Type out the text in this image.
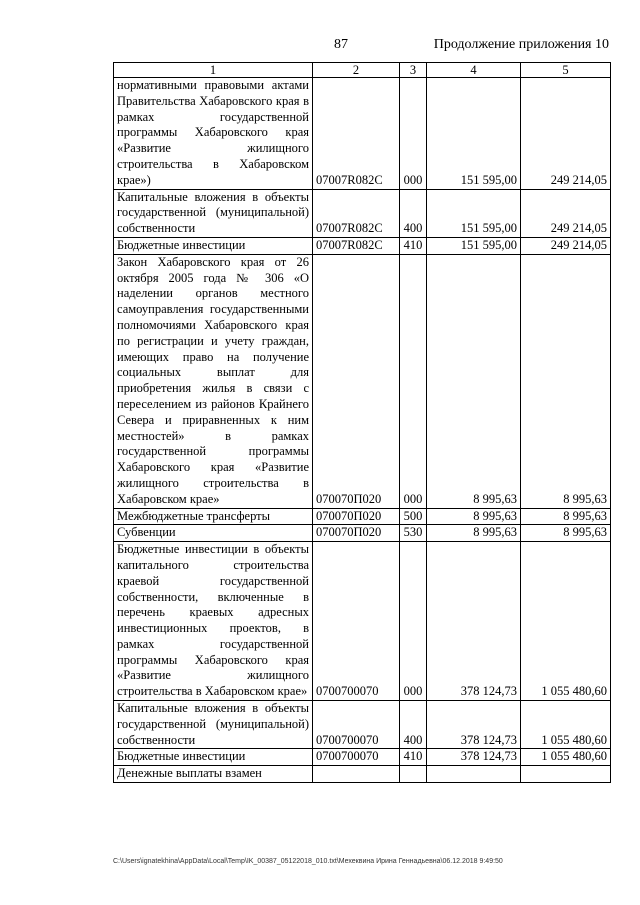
87	Продолжение приложения 10
1	2	3	4	5
нормативными правовыми актами Правительства Хабаровского края в рамках государственной программы Хабаровского края «Развитие жилищного строительства в Хабаровском крае»)	07007R082C	000	151 595,00	249 214,05
Капитальные вложения в объекты государственной (муниципальной) собственности	07007R082C	400	151 595,00	249 214,05
Бюджетные инвестиции	07007R082C	410	151 595,00	249 214,05
Закон Хабаровского края от 26 октября 2005 года № 306 «О наделении органов местного самоуправления государственными полномочиями Хабаровского края по регистрации и учету граждан, имеющих право на получение социальных выплат для приобретения жилья в связи с переселением из районов Крайнего Севера и приравненных к ним местностей» в рамках государственной программы Хабаровского края «Развитие жилищного строительства в Хабаровском крае»	070070П020	000	8 995,63	8 995,63
Межбюджетные трансферты	070070П020	500	8 995,63	8 995,63
Субвенции	070070П020	530	8 995,63	8 995,63
Бюджетные инвестиции в объекты капитального строительства краевой государственной собственности, включенные в перечень краевых адресных инвестиционных проектов, в рамках государственной программы Хабаровского края «Развитие жилищного строительства в Хабаровском крае»	0700700070	000	378 124,73	1 055 480,60
Капитальные вложения в объекты государственной (муниципальной) собственности	0700700070	400	378 124,73	1 055 480,60
Бюджетные инвестиции	0700700070	410	378 124,73	1 055 480,60
Денежные выплаты взамен				
C:\Users\ignatekhina\AppData\Local\Temp\IK_00387_05122018_010.txt\Мехеквина Ирина Геннадьевна\06.12.2018 9:49:50
